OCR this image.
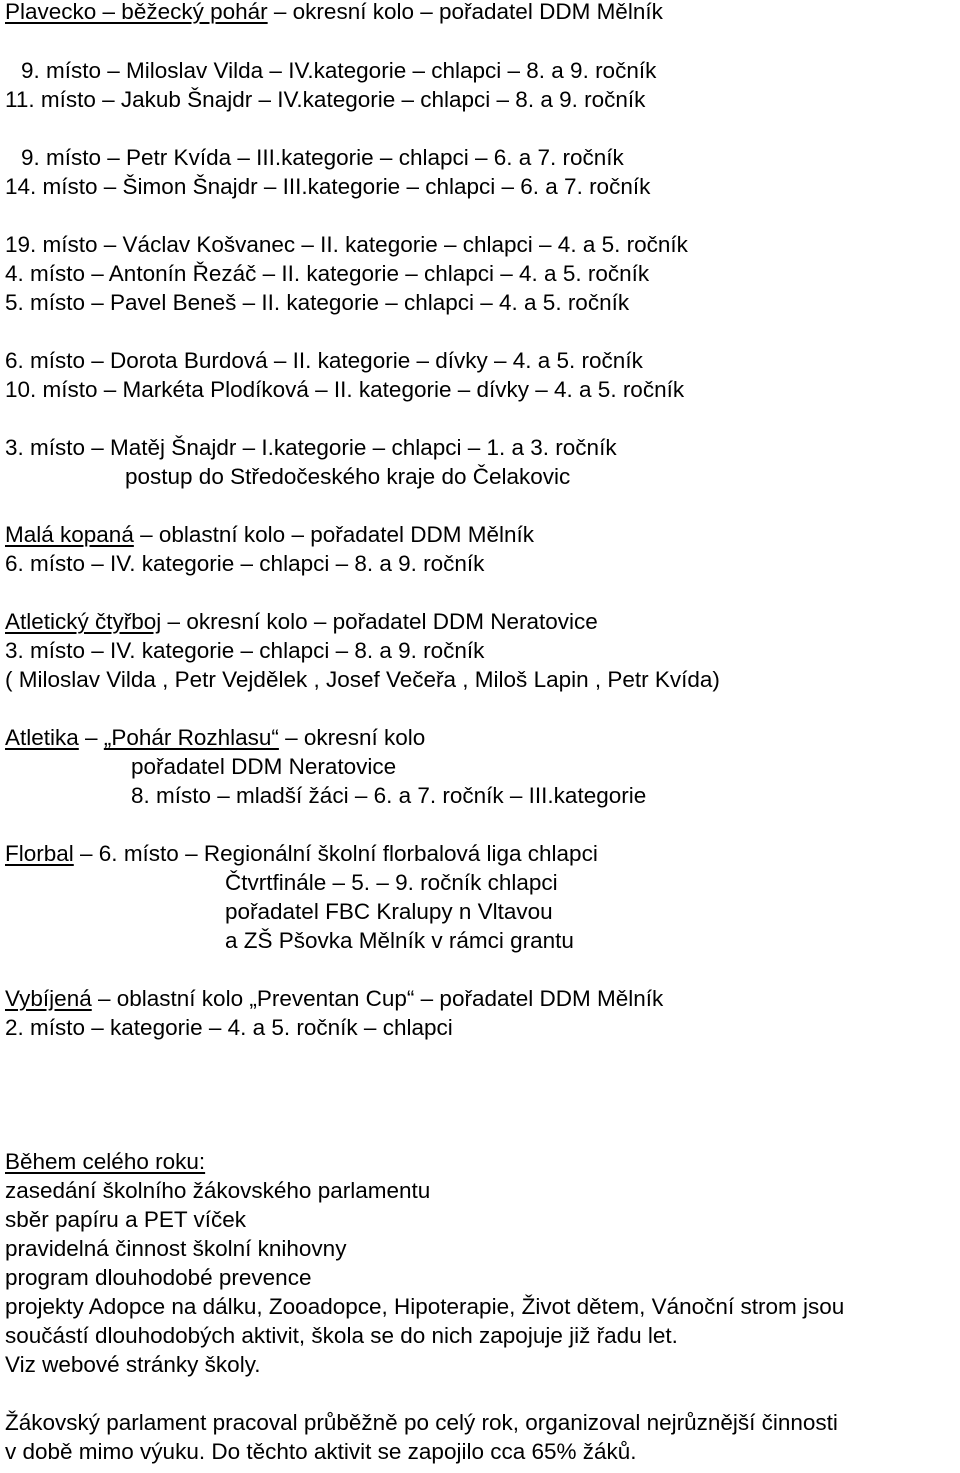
Plavecko – běžecký pohár – okresní kolo – pořadatel DDM Mělník
9. místo – Miloslav Vilda – IV.kategorie – chlapci – 8. a 9. ročník
11. místo – Jakub Šnajdr – IV.kategorie – chlapci – 8. a 9. ročník
9. místo – Petr Kvída – III.kategorie – chlapci – 6. a 7. ročník
14. místo – Šimon Šnajdr – III.kategorie – chlapci – 6. a 7. ročník
19. místo – Václav Košvanec – II. kategorie – chlapci – 4. a 5. ročník
4. místo – Antonín Řezáč – II. kategorie – chlapci – 4. a 5. ročník
5. místo – Pavel Beneš – II. kategorie – chlapci – 4. a 5. ročník
6. místo – Dorota Burdová – II. kategorie – dívky – 4. a 5. ročník
10. místo – Markéta Plodíková – II. kategorie – dívky – 4. a 5. ročník
3. místo – Matěj Šnajdr – I.kategorie – chlapci – 1. a 3. ročník
postup do Středočeského kraje do Čelakovic
Malá kopaná – oblastní kolo – pořadatel DDM Mělník
6. místo – IV. kategorie – chlapci – 8. a 9. ročník
Atletický čtyřboj – okresní kolo – pořadatel DDM Neratovice
3. místo – IV. kategorie – chlapci – 8. a 9. ročník
( Miloslav Vilda , Petr Vejdělek , Josef Večeřa , Miloš Lapin , Petr Kvída)
Atletika – „Pohár Rozhlasu“ – okresní kolo
pořadatel DDM Neratovice
8. místo – mladší žáci – 6. a 7. ročník – III.kategorie
Florbal – 6. místo – Regionální školní florbalová liga chlapci
Čtvrtfinále – 5. – 9. ročník chlapci
pořadatel FBC Kralupy n Vltavou
a ZŠ Pšovka Mělník v rámci grantu
Vybíjená – oblastní kolo „Preventan Cup“ – pořadatel DDM Mělník
2. místo – kategorie – 4. a 5. ročník – chlapci
Během celého roku:
zasedání školního žákovského parlamentu
sběr papíru a PET víček
pravidelná činnost školní knihovny
program dlouhodobé prevence
projekty Adopce na dálku, Zooadopce, Hipoterapie, Život dětem, Vánoční strom jsou
součástí dlouhodobých aktivit, škola se do nich zapojuje již řadu let.
Viz webové stránky školy.
Žákovský parlament pracoval průběžně po celý rok, organizoval nejrůznější činnosti
v době mimo výuku. Do těchto aktivit se zapojilo cca 65% žáků.
